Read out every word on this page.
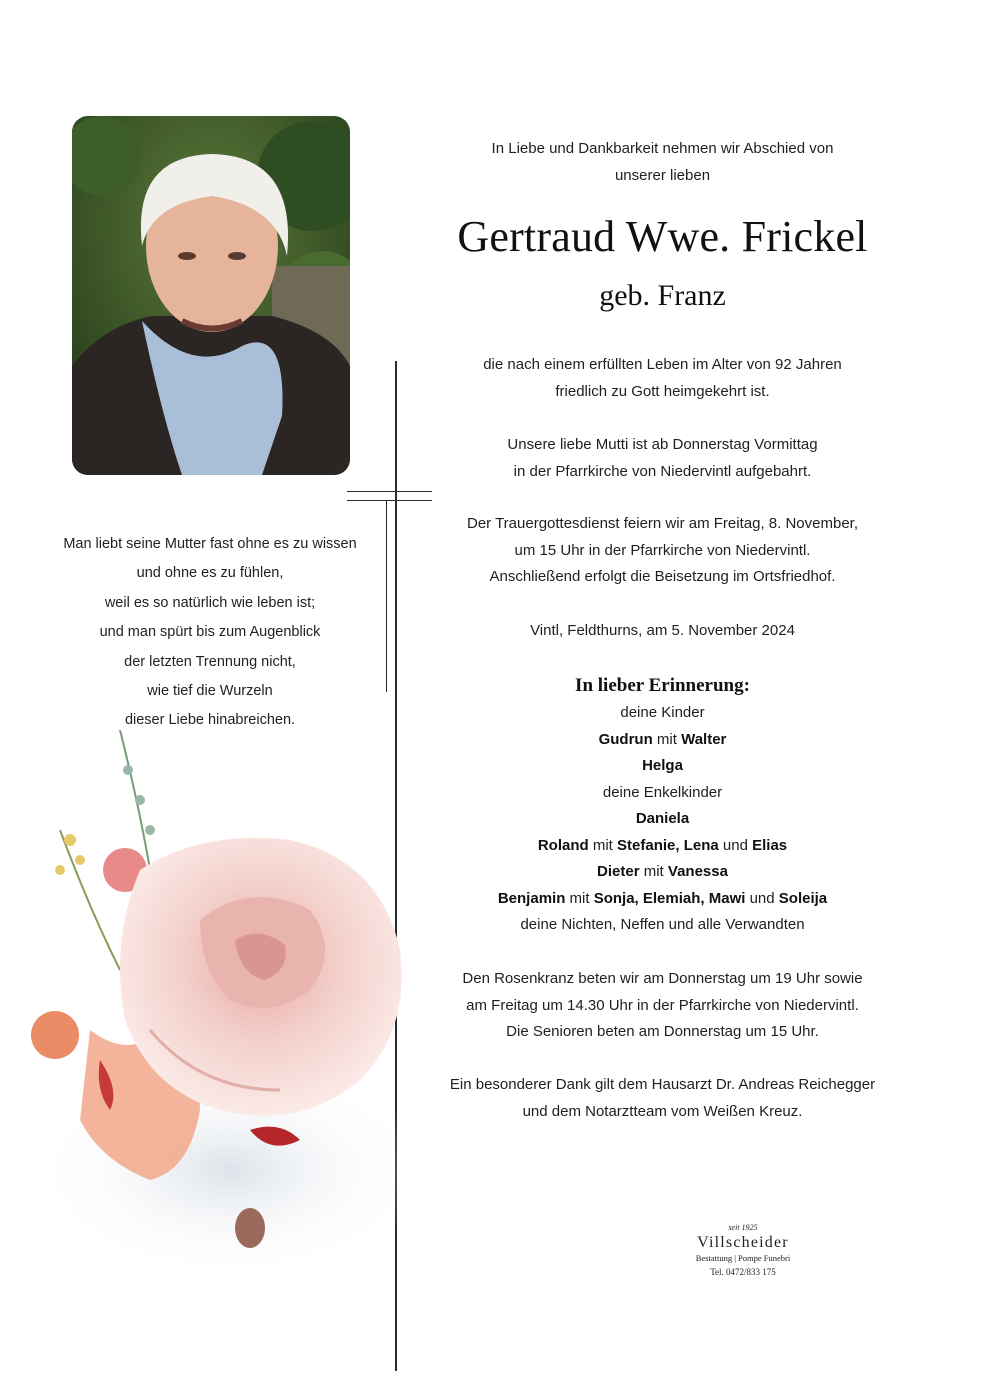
Man liebt seine Mutter fast ohne es zu wissen
und ohne es zu fühlen,
weil es so natürlich wie leben ist;
und man spürt bis zum Augenblick
der letzten Trennung nicht,
wie tief die Wurzeln
dieser Liebe hinabreichen.
In Liebe und Dankbarkeit nehmen wir Abschied von
unserer lieben
Gertraud Wwe. Frickel
geb. Franz
die nach einem erfüllten Leben im Alter von 92 Jahren
friedlich zu Gott heimgekehrt ist.
Unsere liebe Mutti ist ab Donnerstag Vormittag
in der Pfarrkirche von Niedervintl aufgebahrt.
Der Trauergottesdienst feiern wir am Freitag, 8. November,
um 15 Uhr in der Pfarrkirche von Niedervintl.
Anschließend erfolgt die Beisetzung im Ortsfriedhof.
Vintl, Feldthurns, am 5. November 2024
In lieber Erinnerung:
deine Kinder
Gudrun mit Walter
Helga
deine Enkelkinder
Daniela
Roland mit Stefanie, Lena und Elias
Dieter mit Vanessa
Benjamin mit Sonja, Elemiah, Mawi und Soleija
deine Nichten, Neffen und alle Verwandten
Den Rosenkranz beten wir am Donnerstag um 19 Uhr sowie
am Freitag um 14.30 Uhr in der Pfarrkirche von Niedervintl.
Die Senioren beten am Donnerstag um 15 Uhr.
Ein besonderer Dank gilt dem Hausarzt Dr. Andreas Reichegger
und dem Notarztteam vom Weißen Kreuz.
seit 1925
Villscheider
Bestattung | Pompe Funebri
Tel. 0472/833 175
